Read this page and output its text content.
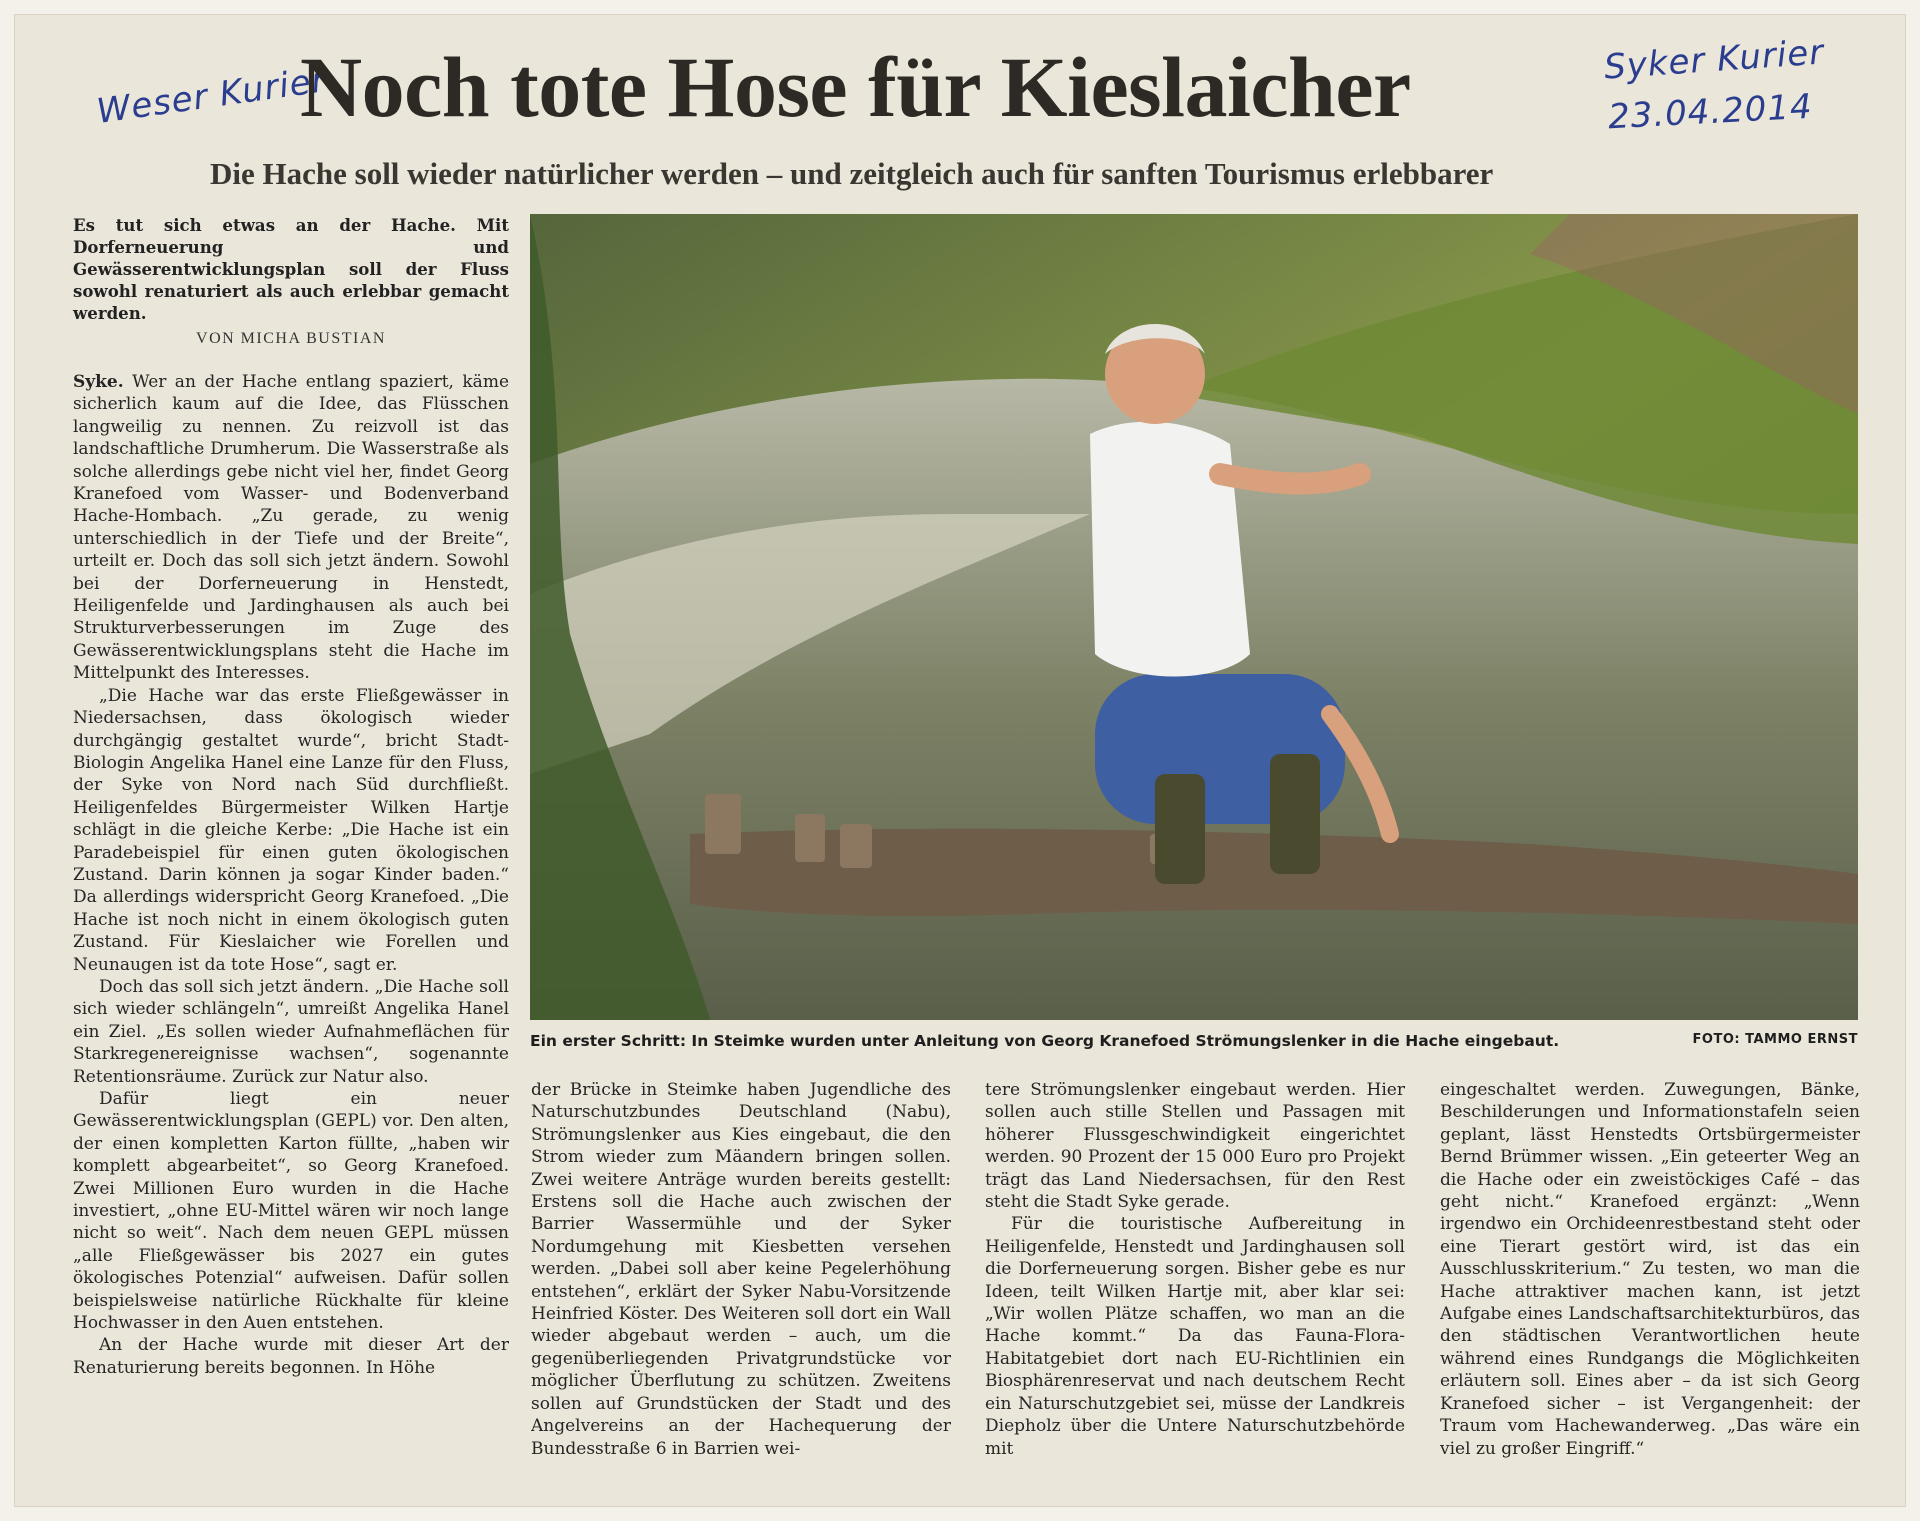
Weser Kurier
Syker Kurier
23.04.2014
Noch tote Hose für Kieslaicher
Die Hache soll wieder natürlicher werden – und zeitgleich auch für sanften Tourismus erlebbarer
Es tut sich etwas an der Hache. Mit Dorferneuerung und Gewässerentwicklungsplan soll der Fluss sowohl renaturiert als auch erlebbar gemacht werden.
VON MICHA BUSTIAN

Syke. Wer an der Hache entlang spaziert, käme sicherlich kaum auf die Idee, das Flüsschen langweilig zu nennen. Zu reizvoll ist das landschaftliche Drumherum. Die Wasserstraße als solche allerdings gebe nicht viel her, findet Georg Kranefoed vom Wasser- und Bodenverband Hache-Hombach. „Zu gerade, zu wenig unterschiedlich in der Tiefe und der Breite“, urteilt er. Doch das soll sich jetzt ändern. Sowohl bei der Dorferneuerung in Henstedt, Heiligenfelde und Jardinghausen als auch bei Strukturverbesserungen im Zuge des Gewässerentwicklungsplans steht die Hache im Mittelpunkt des Interesses.

„Die Hache war das erste Fließgewässer in Niedersachsen, dass ökologisch wieder durchgängig gestaltet wurde“, bricht Stadt-Biologin Angelika Hanel eine Lanze für den Fluss, der Syke von Nord nach Süd durchfließt. Heiligenfeldes Bürgermeister Wilken Hartje schlägt in die gleiche Kerbe: „Die Hache ist ein Paradebeispiel für einen guten ökologischen Zustand. Darin können ja sogar Kinder baden.“ Da allerdings widerspricht Georg Kranefoed. „Die Hache ist noch nicht in einem ökologisch guten Zustand. Für Kieslaicher wie Forellen und Neunaugen ist da tote Hose“, sagt er.

Doch das soll sich jetzt ändern. „Die Hache soll sich wieder schlängeln“, umreißt Angelika Hanel ein Ziel. „Es sollen wieder Aufnahmeflächen für Starkregenereignisse wachsen“, sogenannte Retentionsräume. Zurück zur Natur also.

Dafür liegt ein neuer Gewässerentwicklungsplan (GEPL) vor. Den alten, der einen kompletten Karton füllte, „haben wir komplett abgearbeitet“, so Georg Kranefoed. Zwei Millionen Euro wurden in die Hache investiert, „ohne EU-Mittel wären wir noch lange nicht so weit“. Nach dem neuen GEPL müssen „alle Fließgewässer bis 2027 ein gutes ökologisches Potenzial“ aufweisen. Dafür sollen beispielsweise natürliche Rückhalte für kleine Hochwasser in den Auen entstehen.

An der Hache wurde mit dieser Art der Renaturierung bereits begonnen. In Höhe

Ein erster Schritt: In Steimke wurden unter Anleitung von Georg Kranefoed Strömungslenker in die Hache eingebaut.	FOTO: TAMMO ERNST

der Brücke in Steimke haben Jugendliche des Naturschutzbundes Deutschland (Nabu), Strömungslenker aus Kies eingebaut, die den Strom wieder zum Mäandern bringen sollen. Zwei weitere Anträge wurden bereits gestellt: Erstens soll die Hache auch zwischen der Barrier Wassermühle und der Syker Nordumgehung mit Kiesbetten versehen werden. „Dabei soll aber keine Pegelerhöhung entstehen“, erklärt der Syker Nabu-Vorsitzende Heinfried Köster. Des Weiteren soll dort ein Wall wieder abgebaut werden – auch, um die gegenüberliegenden Privatgrundstücke vor möglicher Überflutung zu schützen. Zweitens sollen auf Grundstücken der Stadt und des Angelvereins an der Hachequerung der Bundesstraße 6 in Barrien wei-

tere Strömungslenker eingebaut werden. Hier sollen auch stille Stellen und Passagen mit höherer Flussgeschwindigkeit eingerichtet werden. 90 Prozent der 15 000 Euro pro Projekt trägt das Land Niedersachsen, für den Rest steht die Stadt Syke gerade.

Für die touristische Aufbereitung in Heiligenfelde, Henstedt und Jardinghausen soll die Dorferneuerung sorgen. Bisher gebe es nur Ideen, teilt Wilken Hartje mit, aber klar sei: „Wir wollen Plätze schaffen, wo man an die Hache kommt.“ Da das Fauna-Flora-Habitatgebiet dort nach EU-Richtlinien ein Biosphärenreservat und nach deutschem Recht ein Naturschutzgebiet sei, müsse der Landkreis Diepholz über die Untere Naturschutzbehörde mit

eingeschaltet werden. Zuwegungen, Bänke, Beschilderungen und Informationstafeln seien geplant, lässt Henstedts Ortsbürgermeister Bernd Brümmer wissen. „Ein geteerter Weg an die Hache oder ein zweistöckiges Café – das geht nicht.“ Kranefoed ergänzt: „Wenn irgendwo ein Orchideenrestbestand steht oder eine Tierart gestört wird, ist das ein Ausschlusskriterium.“ Zu testen, wo man die Hache attraktiver machen kann, ist jetzt Aufgabe eines Landschaftsarchitekturbüros, das den städtischen Verantwortlichen heute während eines Rundgangs die Möglichkeiten erläutern soll. Eines aber – da ist sich Georg Kranefoed sicher – ist Vergangenheit: der Traum vom Hachewanderweg. „Das wäre ein viel zu großer Eingriff.“
